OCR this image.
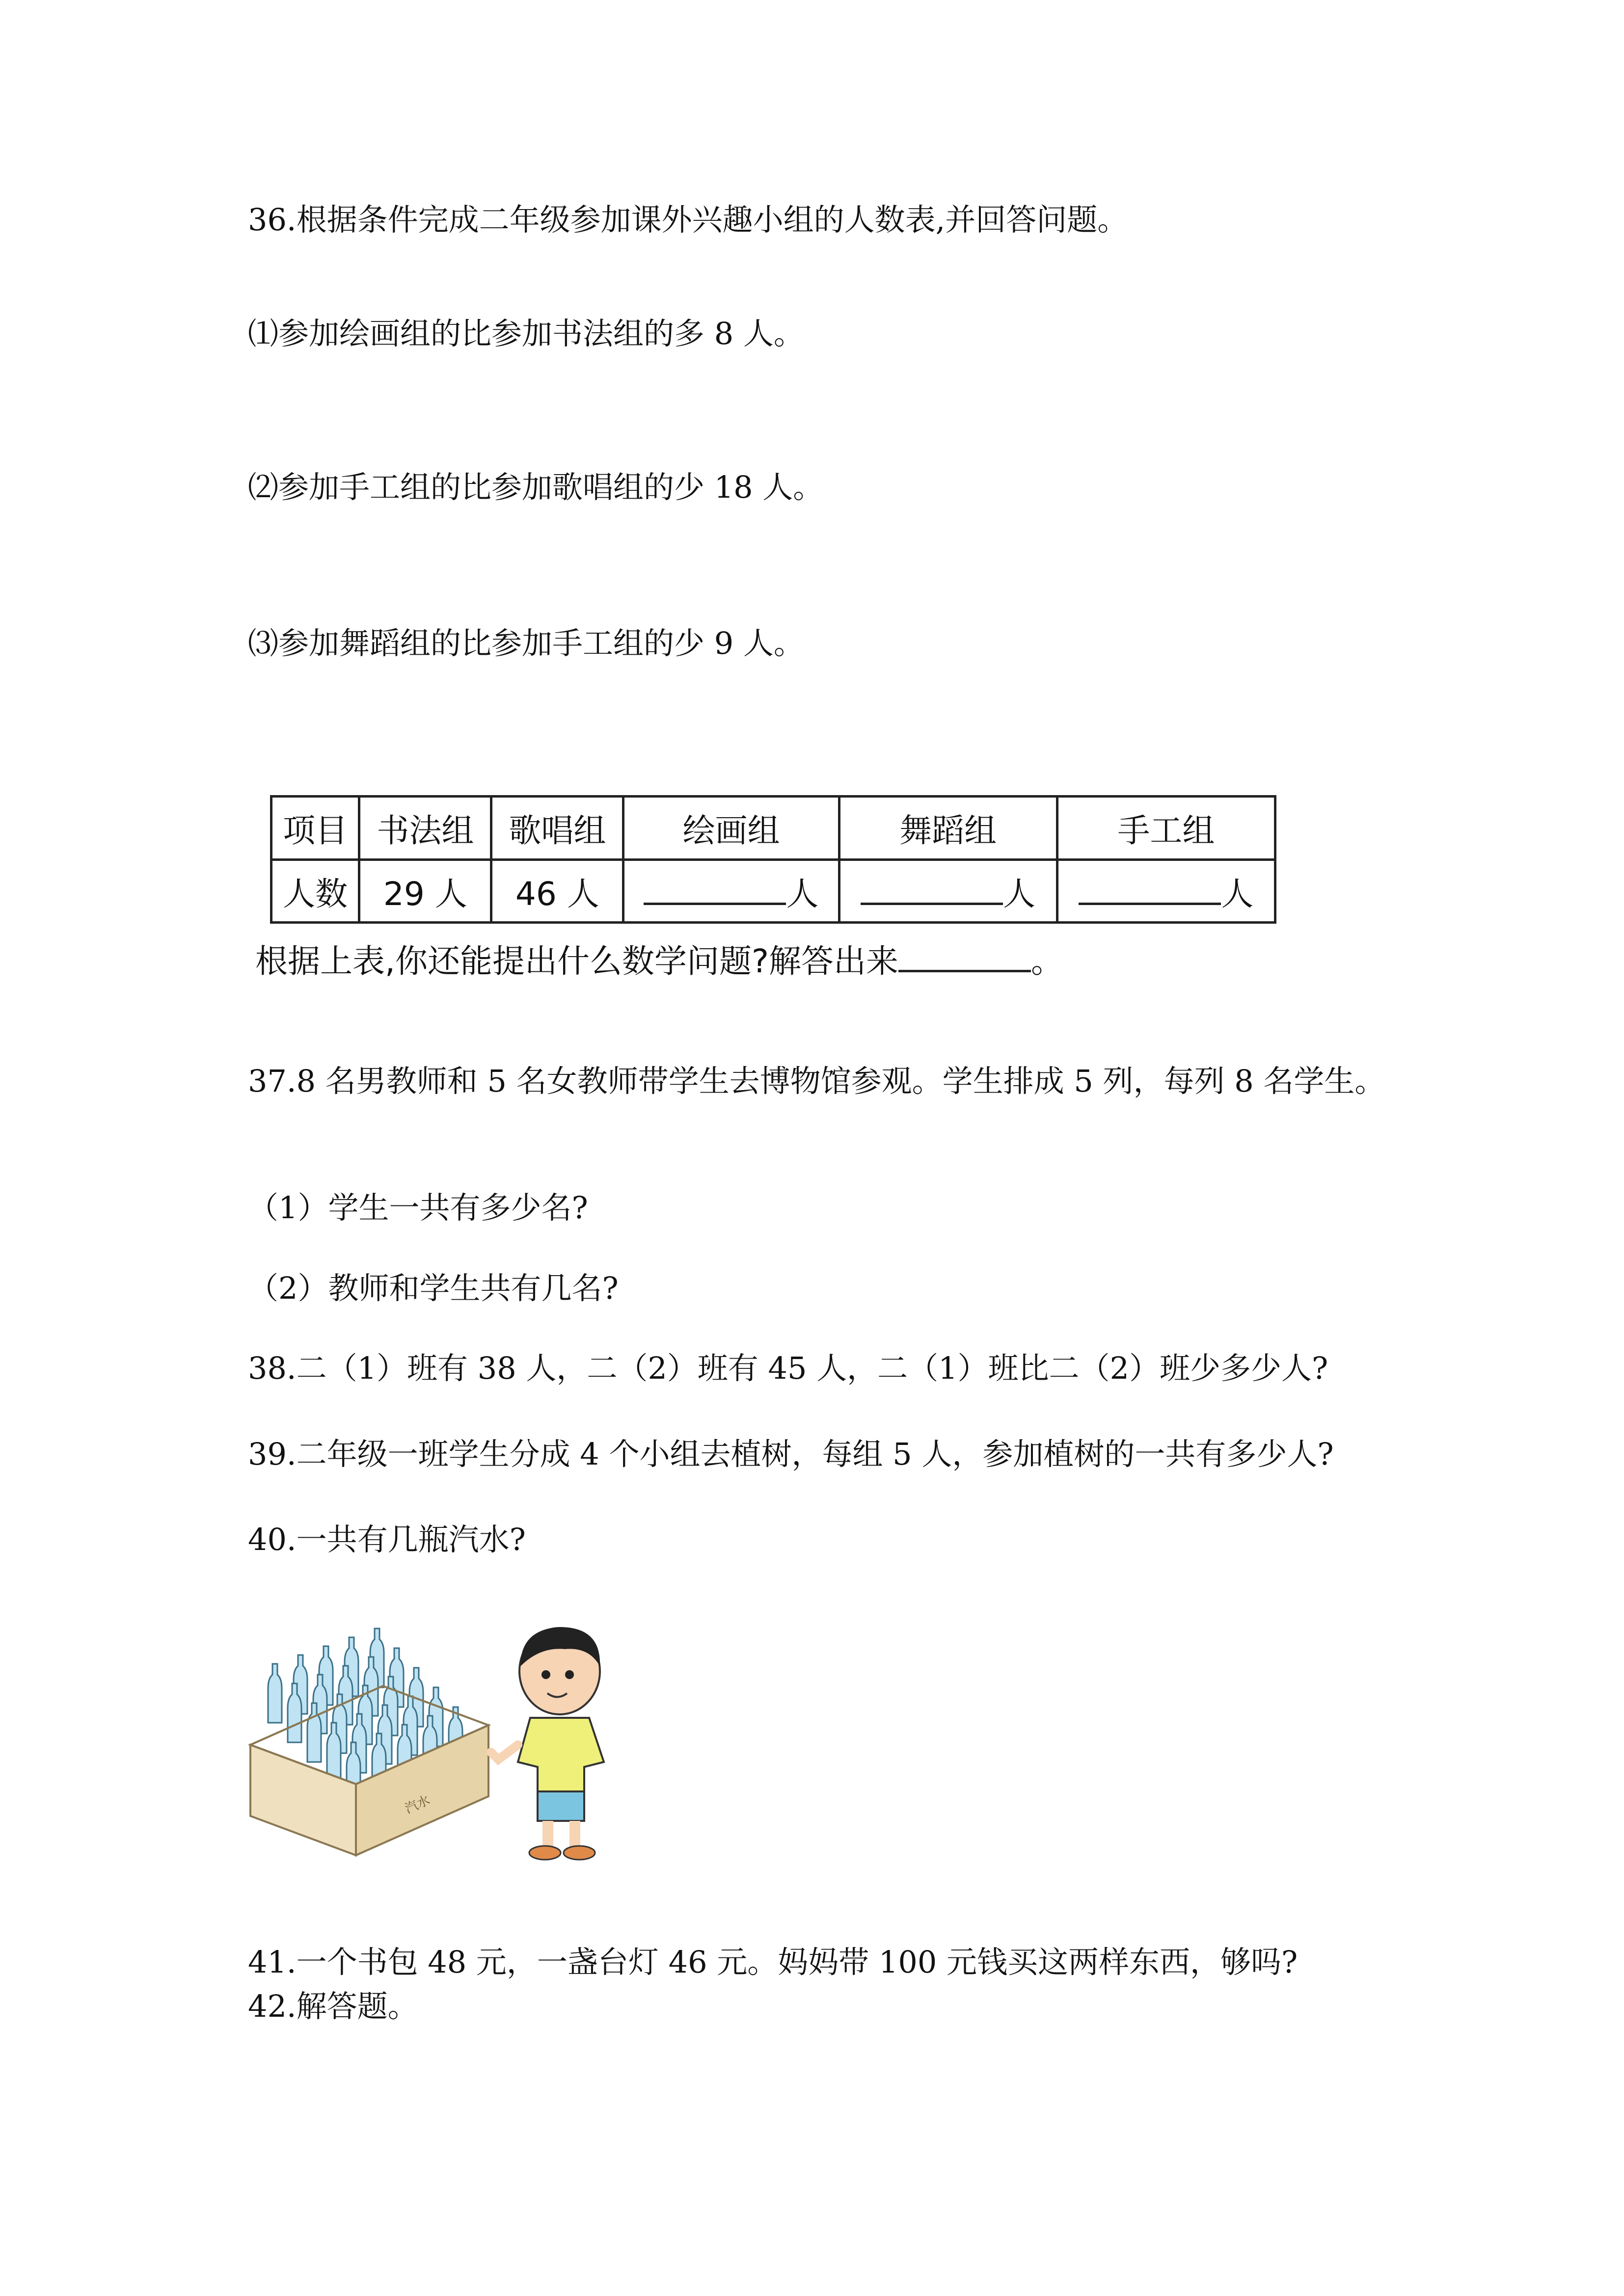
36.根据条件完成二年级参加课外兴趣小组的人数表,并回答问题。
⑴参加绘画组的比参加书法组的多 8 人。
⑵参加手工组的比参加歌唱组的少 18 人。
⑶参加舞蹈组的比参加手工组的少 9 人。
项目	书法组	歌唱组	绘画组	舞蹈组	手工组
人数	29 人	46 人	人	人	人
根据上表,你还能提出什么数学问题?解答出来	。
37.8 名男教师和 5 名女教师带学生去博物馆参观。学生排成 5 列，每列 8 名学生。
（1）学生一共有多少名?
（2）教师和学生共有几名?
38.二（1）班有 38 人，二（2）班有 45 人，二（1）班比二（2）班少多少人?
39.二年级一班学生分成 4 个小组去植树，每组 5 人，参加植树的一共有多少人?
40.一共有几瓶汽水?
汽水
41.一个书包 48 元，一盏台灯 46 元。妈妈带 100 元钱买这两样东西，够吗?
42.解答题。
